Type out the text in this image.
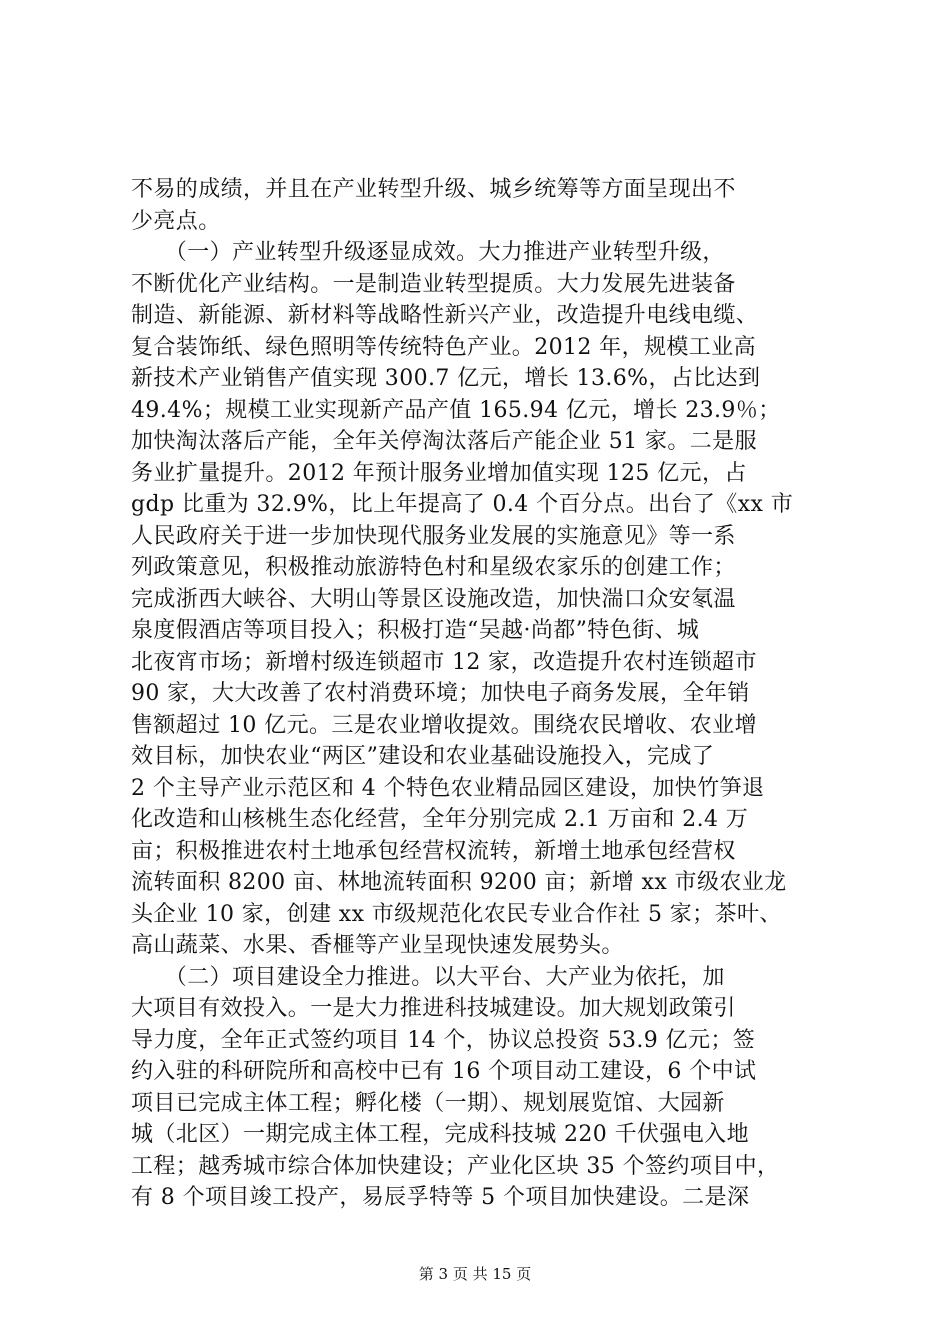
不易的成绩，并且在产业转型升级、城乡统筹等方面呈现出不
少亮点。
　　（一）产业转型升级逐显成效。大力推进产业转型升级，
不断优化产业结构。一是制造业转型提质。大力发展先进装备
制造、新能源、新材料等战略性新兴产业，改造提升电线电缆、
复合装饰纸、绿色照明等传统特色产业。2012 年，规模工业高
新技术产业销售产值实现 300.7 亿元，增长 13.6%，占比达到
49.4%；规模工业实现新产品产值 165.94 亿元，增长 23.9％；
加快淘汰落后产能，全年关停淘汰落后产能企业 51 家。二是服
务业扩量提升。2012 年预计服务业增加值实现 125 亿元，占
gdp 比重为 32.9%，比上年提高了 0.4 个百分点。出台了《xx 市
人民政府关于进一步加快现代服务业发展的实施意见》等一系
列政策意见，积极推动旅游特色村和星级农家乐的创建工作；
完成浙西大峡谷、大明山等景区设施改造，加快湍口众安氡温
泉度假酒店等项目投入；积极打造“吴越·尚都”特色街、城
北夜宵市场；新增村级连锁超市 12 家，改造提升农村连锁超市
90 家，大大改善了农村消费环境；加快电子商务发展，全年销
售额超过 10 亿元。三是农业增收提效。围绕农民增收、农业增
效目标，加快农业“两区”建设和农业基础设施投入，完成了
2 个主导产业示范区和 4 个特色农业精品园区建设，加快竹笋退
化改造和山核桃生态化经营，全年分别完成 2.1 万亩和 2.4 万
亩；积极推进农村土地承包经营权流转，新增土地承包经营权
流转面积 8200 亩、林地流转面积 9200 亩；新增 xx 市级农业龙
头企业 10 家，创建 xx 市级规范化农民专业合作社 5 家；茶叶、
高山蔬菜、水果、香榧等产业呈现快速发展势头。
　　（二）项目建设全力推进。以大平台、大产业为依托，加
大项目有效投入。一是大力推进科技城建设。加大规划政策引
导力度，全年正式签约项目 14 个，协议总投资 53.9 亿元；签
约入驻的科研院所和高校中已有 16 个项目动工建设，6 个中试
项目已完成主体工程；孵化楼（一期）、规划展览馆、大园新
城（北区）一期完成主体工程，完成科技城 220 千伏强电入地
工程；越秀城市综合体加快建设；产业化区块 35 个签约项目中，
有 8 个项目竣工投产，易辰孚特等 5 个项目加快建设。二是深
第 3 页 共 15 页
